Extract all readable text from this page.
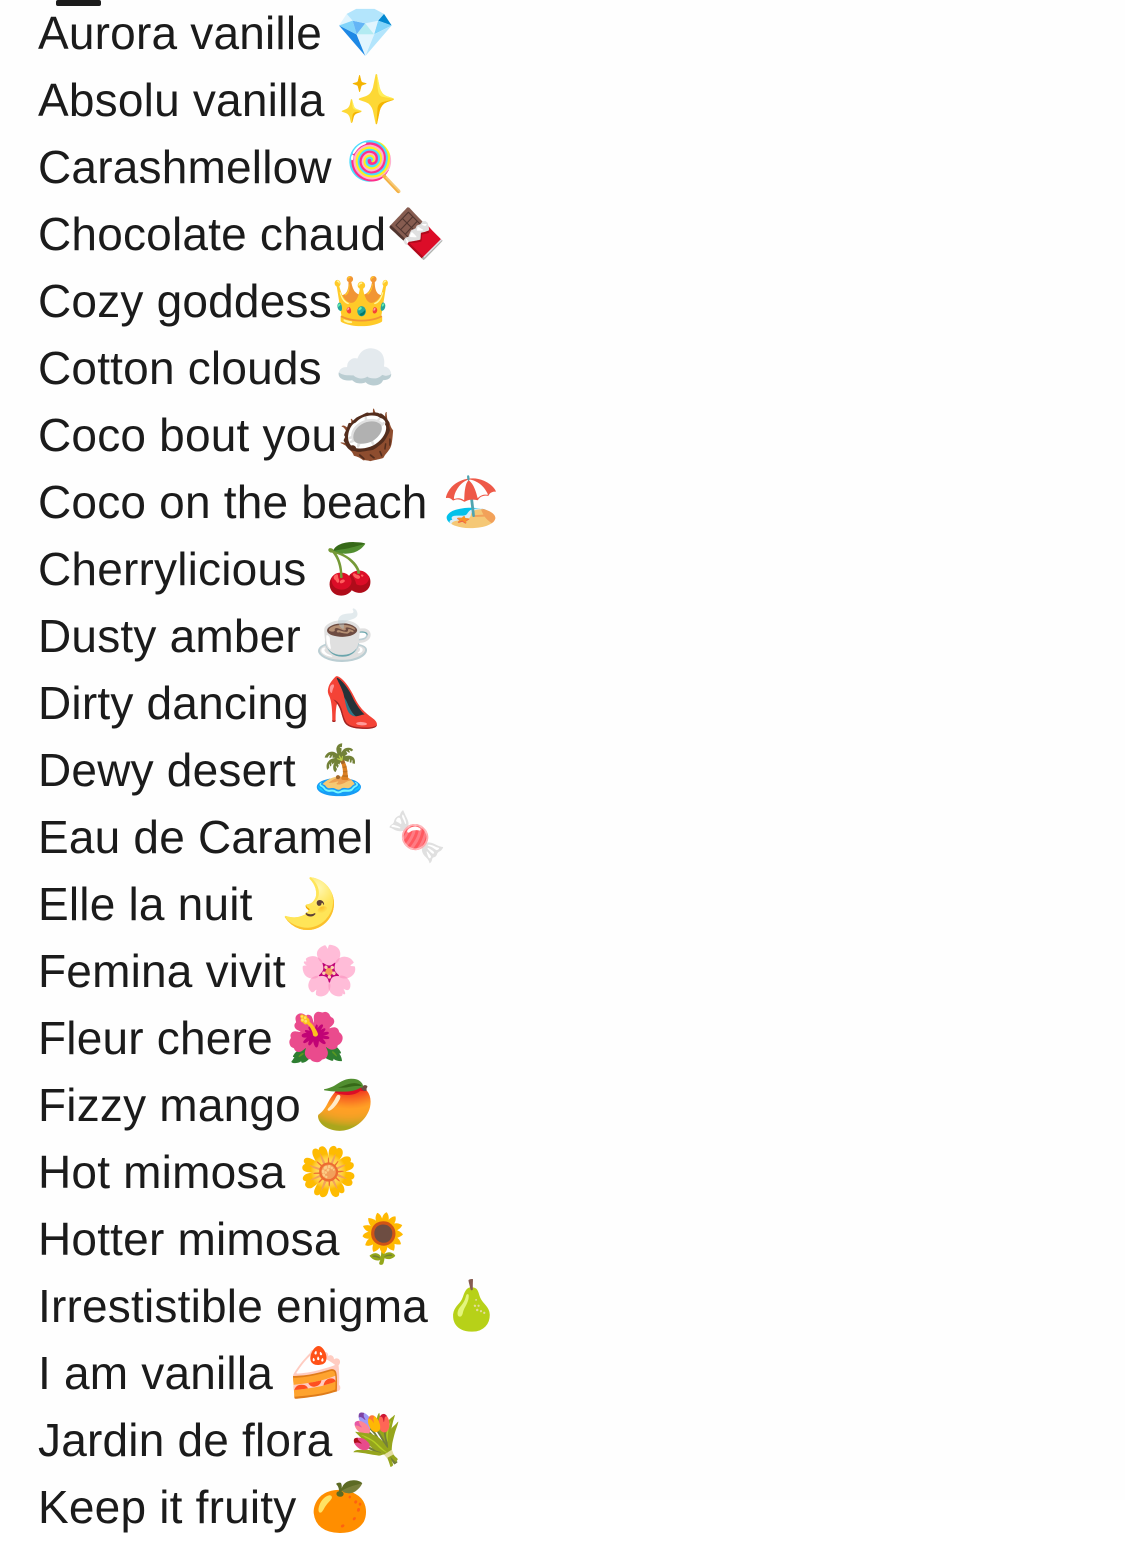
Aurora vanille 💎
Absolu vanilla ✨
Carashmellow 🍭
Chocolate chaud🍫
Cozy goddess👑
Cotton clouds ☁️
Coco bout you🥥
Coco on the beach 🏖️
Cherrylicious 🍒
Dusty amber ☕
Dirty dancing 👠
Dewy desert 🏝️
Eau de Caramel 🍬
Elle la nuit  🌛
Femina vivit 🌸
Fleur chere 🌺
Fizzy mango 🥭
Hot mimosa 🌼
Hotter mimosa 🌻
Irrestistible enigma 🍐
I am vanilla 🍰
Jardin de flora 💐
Keep it fruity 🍊
